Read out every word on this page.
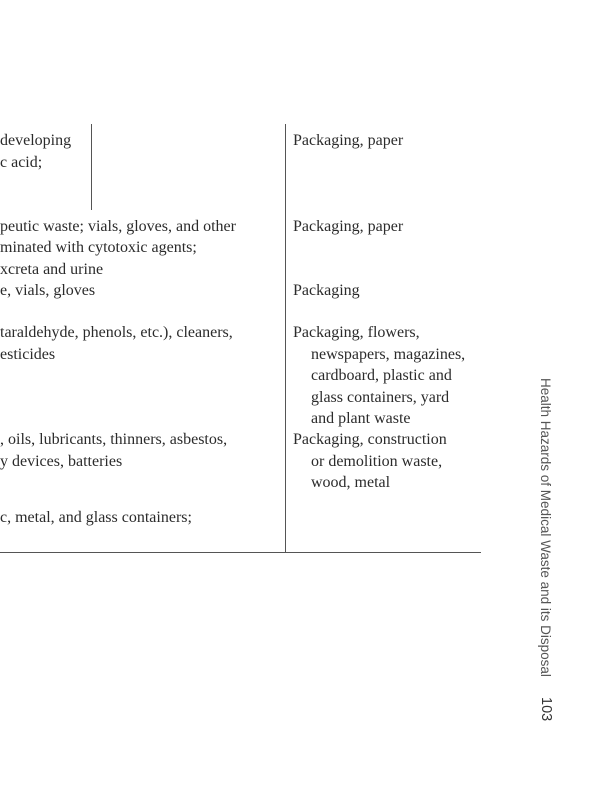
developing
c acid;
peutic waste; vials, gloves, and other
minated with cytotoxic agents;
xcreta and urine
e, vials, gloves
taraldehyde, phenols, etc.), cleaners,
esticides
, oils, lubricants, thinners, asbestos,
y devices, batteries
c, metal, and glass containers;
Packaging, paper
Packaging, paper
Packaging
Packaging, flowers,
newspapers, magazines,
cardboard, plastic and
glass containers, yard
and plant waste
Packaging, construction
or demolition waste,
wood, metal	Health Hazards of Medical Waste and its Disposal
103
